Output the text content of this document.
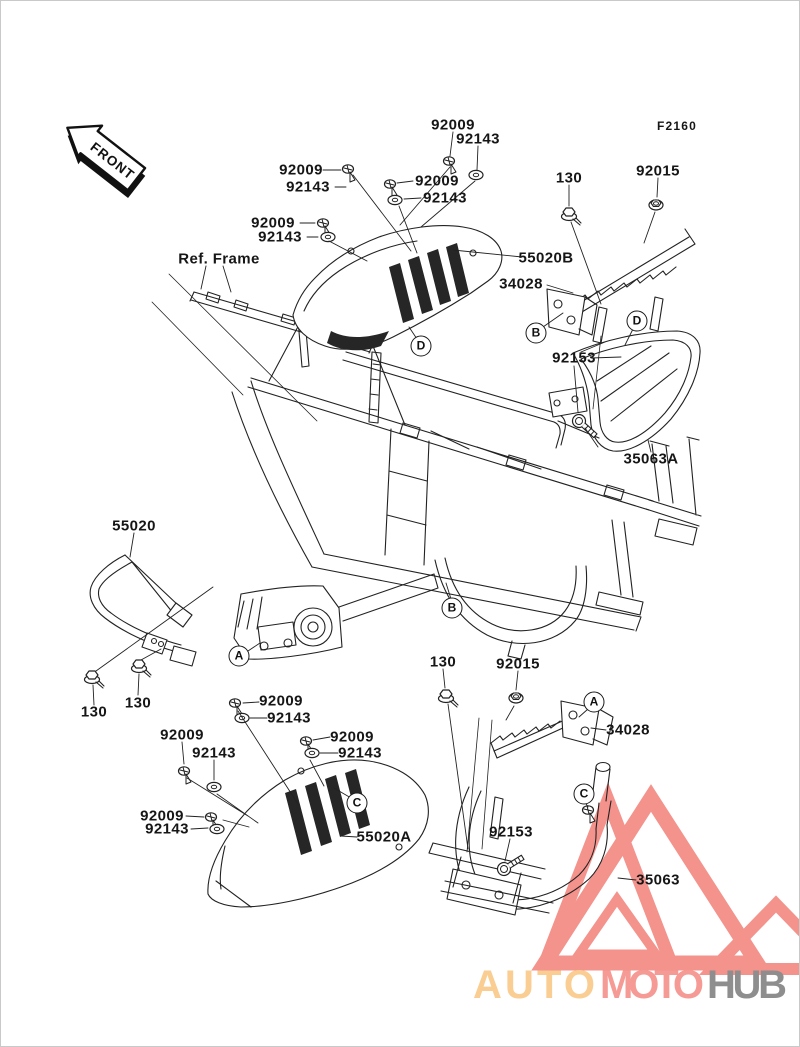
AUTO MOTOHUB
FRONT
F2160
92009
92143
92009
92143	92009
92143
92009
92143
Ref. Frame
130	92015
55020B
34028
92153
35063A
55020
130
130	92009
92143
92009
92143
92009
92143
92009
92143	55020A
130	92015
34028
92153
35063
A
A
B
B
C
C
D
D
